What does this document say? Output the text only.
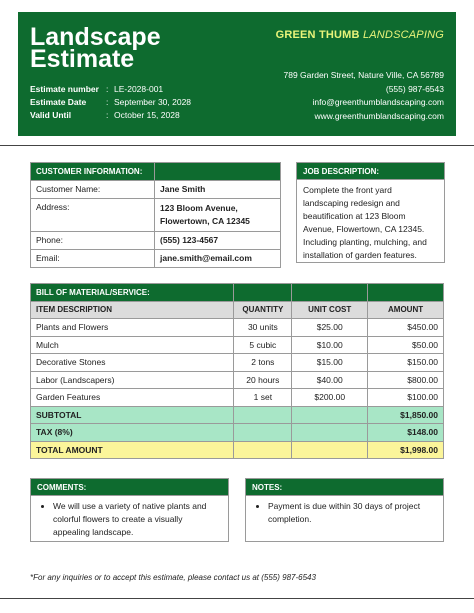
Landscape
Estimate
Estimate number : LE-2028-001
Estimate Date	: September 30, 2028
Valid Until	: October 15, 2028
GREEN THUMB LANDSCAPING
789 Garden Street, Nature Ville, CA 56789
(555) 987-6543
info@greenthumblandscaping.com
www.greenthumblandscaping.com
CUSTOMER INFORMATION:	
Customer Name:	Jane Smith
Address:	123 Bloom Avenue,
Flowertown, CA 12345

Phone:	(555) 123-4567
Email:	jane.smith@email.com
JOB DESCRIPTION:
Complete the front yard landscaping redesign and beautification at 123 Bloom Avenue, Flowertown, CA 12345. Including planting, mulching, and installation of garden features.
BILL OF MATERIAL/SERVICE:			
ITEM DESCRIPTION	QUANTITY	UNIT COST	AMOUNT
Plants and Flowers	30 units	$25.00	$450.00
Mulch	5 cubic	$10.00	$50.00
Decorative Stones	2 tons	$15.00	$150.00
Labor (Landscapers)	20 hours	$40.00	$800.00
Garden Features	1 set	$200.00	$100.00
SUBTOTAL			$1,850.00
TAX (8%)			$148.00
TOTAL AMOUNT			$1,998.00
COMMENTS:
• We will use a variety of native plants and colorful flowers to create a visually appealing landscape.
NOTES:
• Payment is due within 30 days of project completion.
*For any inquiries or to accept this estimate, please contact us at (555) 987-6543
